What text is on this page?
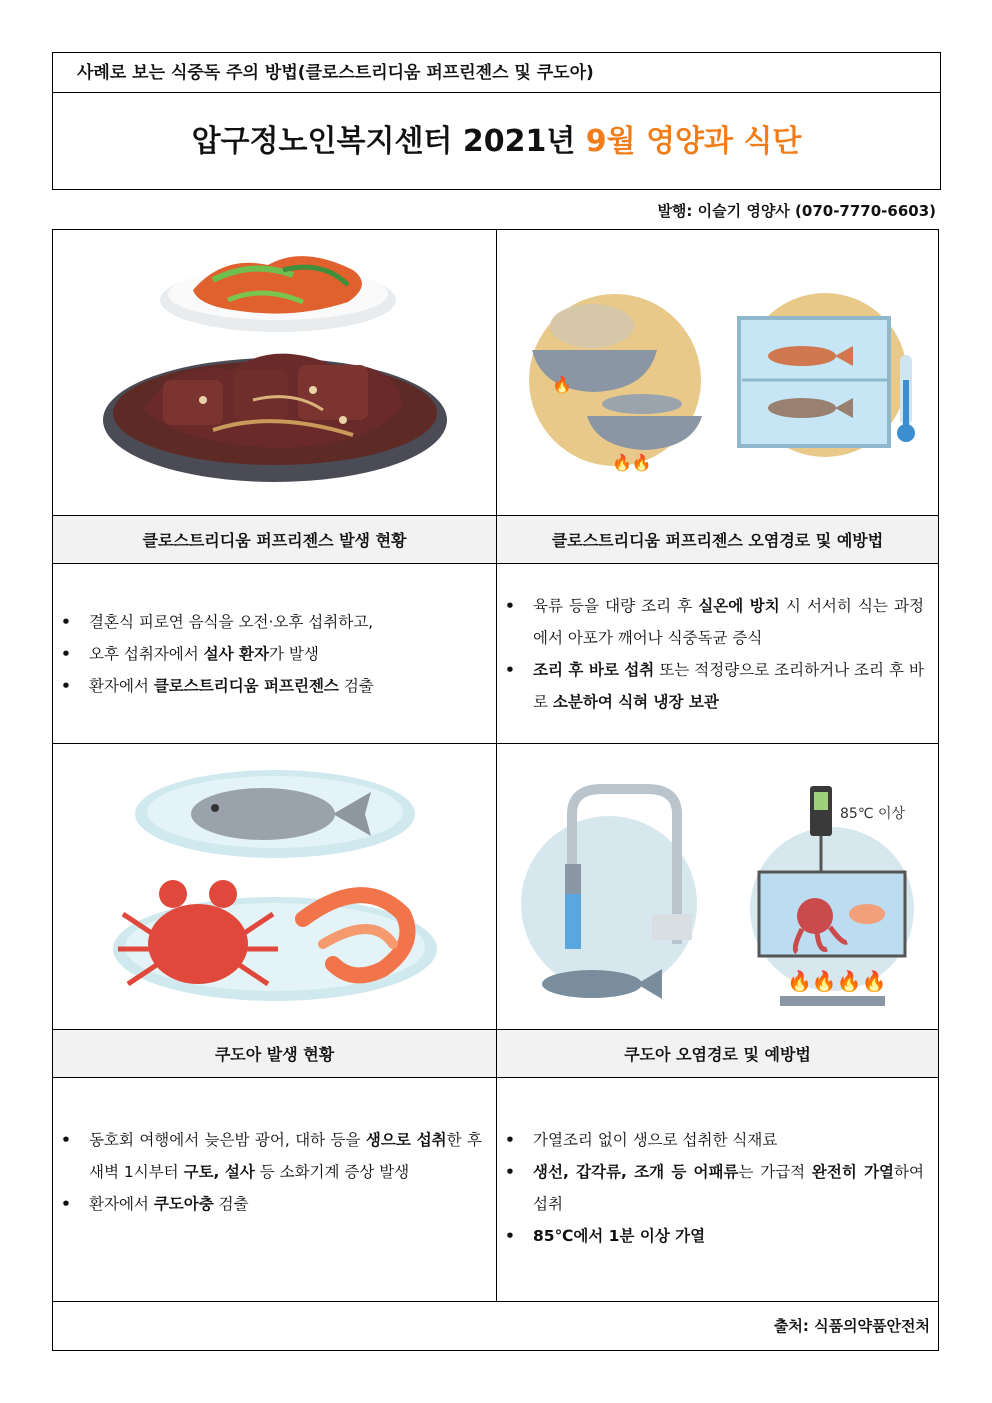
사례로 보는 식중독 주의 방법(클로스트리디움 퍼프린젠스 및 쿠도아)
압구정노인복지센터 2021년 9월 영양과 식단
발행: 이슬기 영양사 (070-7770-6603)
🔥
🔥🔥
클로스트리디움 퍼프리젠스 발생 현황	클로스트리디움 퍼프리젠스 오염경로 및 예방법
• 결혼식 피로연 음식을 오전·오후 섭취하고,
• 오후 섭취자에서 설사 환자가 발생
• 환자에서 클로스트리디움 퍼프린젠스 검출
• 육류 등을 대량 조리 후 실온에 방치 시 서서히 식는 과정에서 아포가 깨어나 식중독균 증식
• 조리 후 바로 섭취 또는 적정량으로 조리하거나 조리 후 바로 소분하여 식혀 냉장 보관
85℃ 이상
🔥🔥🔥🔥
쿠도아 발생 현황	쿠도아 오염경로 및 예방법
• 동호회 여행에서 늦은밤 광어, 대하 등을 생으로 섭취한 후 새벽 1시부터 구토, 설사 등 소화기계 증상 발생
• 환자에서 쿠도아충 검출
• 가열조리 없이 생으로 섭취한 식재료
• 생선, 갑각류, 조개 등 어패류는 가급적 완전히 가열하여 섭취
• 85℃에서 1분 이상 가열
출처: 식품의약품안전처
